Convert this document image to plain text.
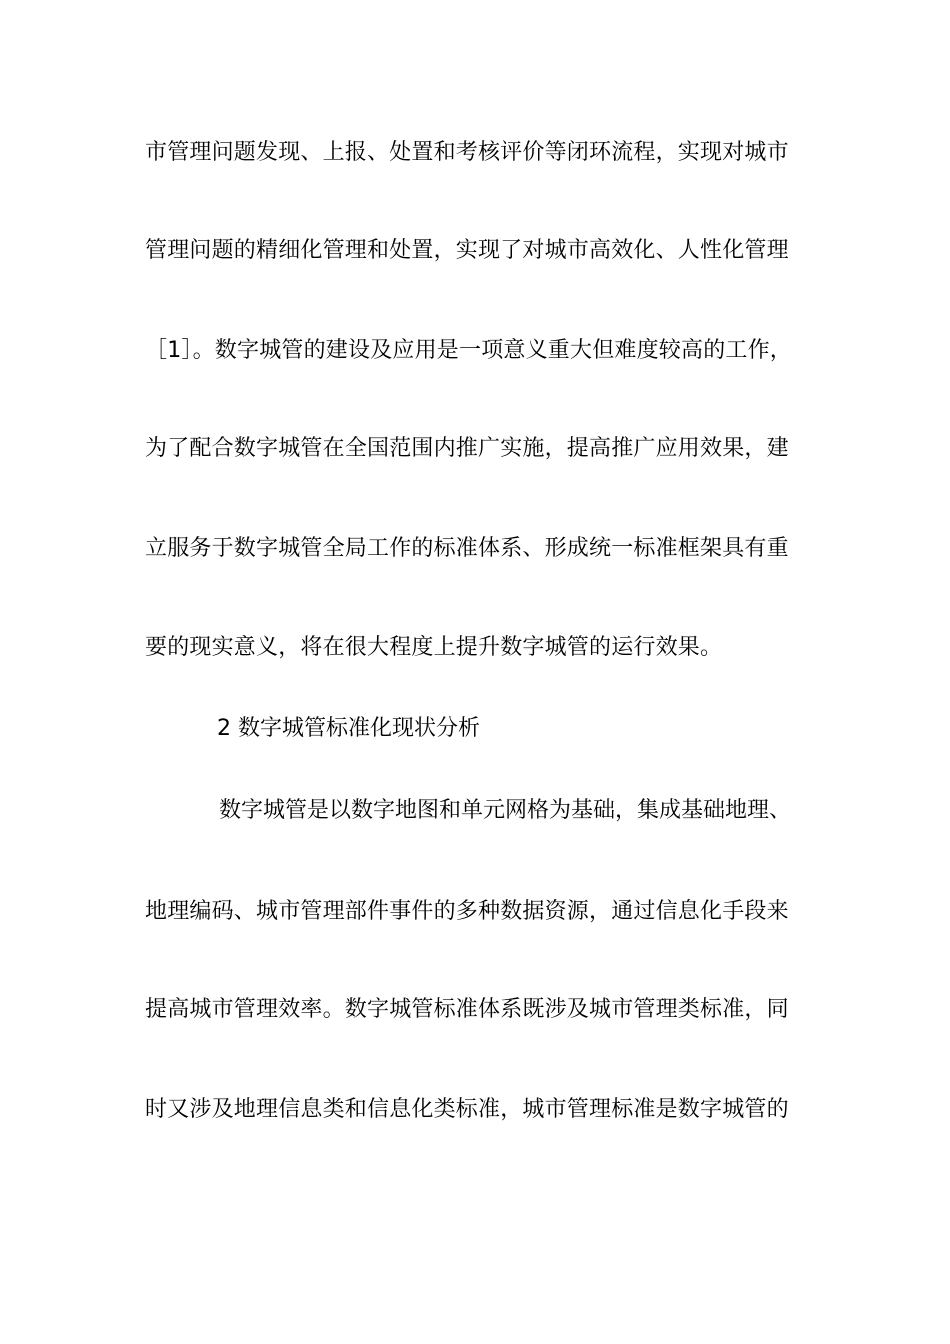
市管理问题发现、上报、处置和考核评价等闭环流程，实现对城市
管理问题的精细化管理和处置，实现了对城市高效化、人性化管理
［1］。数字城管的建设及应用是一项意义重大但难度较高的工作，
为了配合数字城管在全国范围内推广实施，提高推广应用效果，建
立服务于数字城管全局工作的标准体系、形成统一标准框架具有重
要的现实意义，将在很大程度上提升数字城管的运行效果。
2 数字城管标准化现状分析
数字城管是以数字地图和单元网格为基础，集成基础地理、
地理编码、城市管理部件事件的多种数据资源，通过信息化手段来
提高城市管理效率。数字城管标准体系既涉及城市管理类标准，同
时又涉及地理信息类和信息化类标准，城市管理标准是数字城管的
